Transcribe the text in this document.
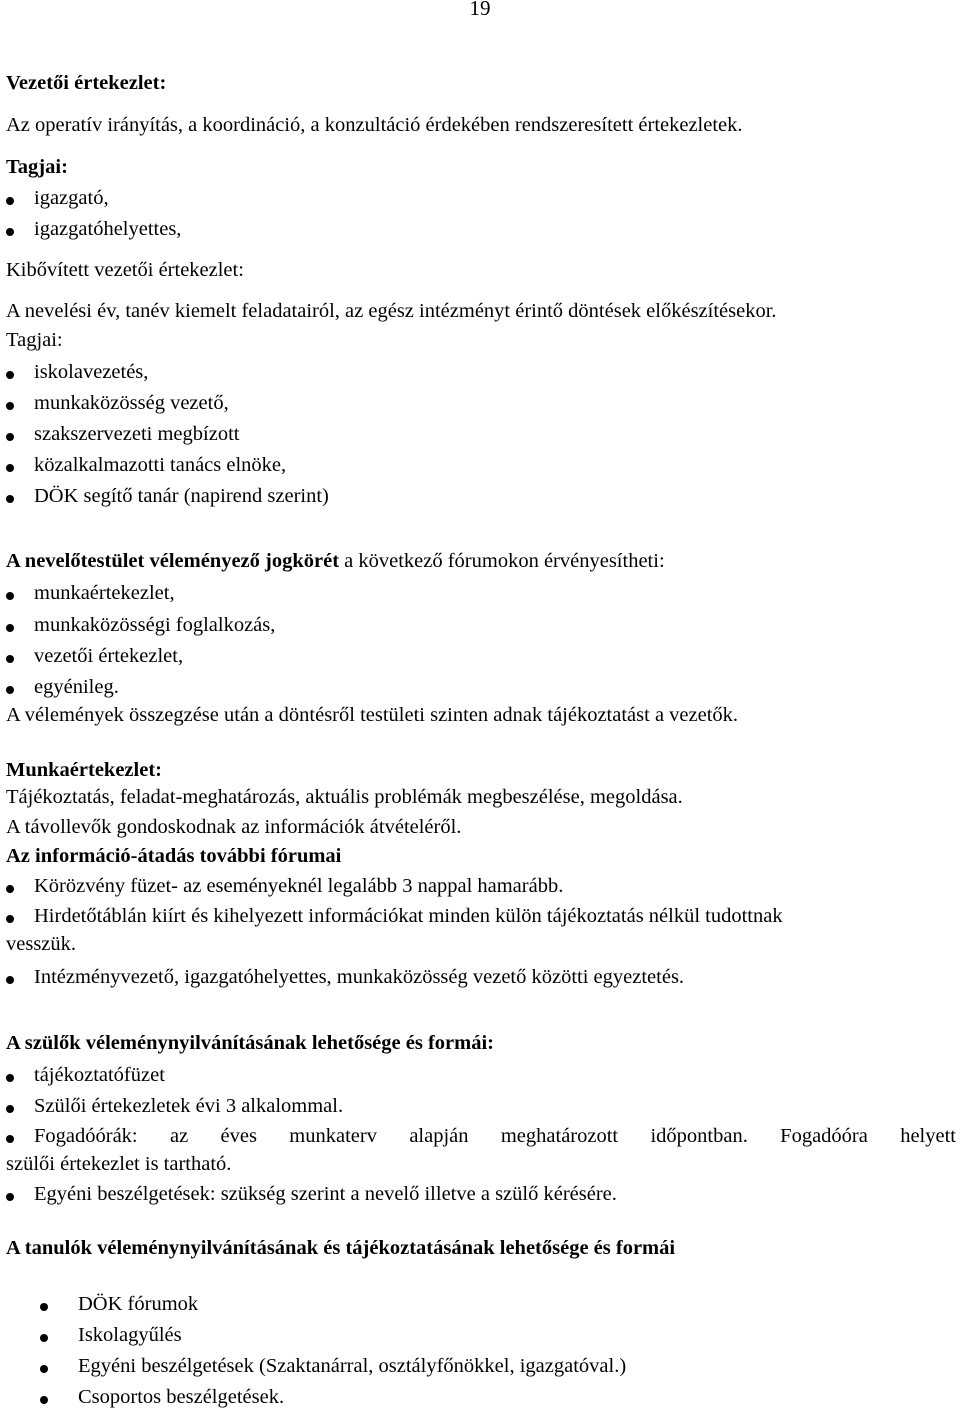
19
Vezetői értekezlet:
Az operatív irányítás, a koordináció, a konzultáció érdekében rendszeresített értekezletek.
Tagjai:
igazgató,
igazgatóhelyettes,
Kibővített vezetői értekezlet:
A nevelési év, tanév kiemelt feladatairól, az egész intézményt érintő döntések előkészítésekor.
Tagjai:
iskolavezetés,
munkaközösség vezető,
szakszervezeti megbízott
közalkalmazotti tanács elnöke,
DÖK segítő tanár (napirend szerint)
A nevelőtestület véleményező jogkörét a következő fórumokon érvényesítheti:
munkaértekezlet,
munkaközösségi foglalkozás,
vezetői értekezlet,
egyénileg.
A vélemények összegzése után a döntésről testületi szinten adnak tájékoztatást a vezetők.
Munkaértekezlet:
Tájékoztatás, feladat-meghatározás, aktuális problémák megbeszélése, megoldása.
A távollevők gondoskodnak az információk átvételéről.
Az információ-átadás további fórumai
Körözvény füzet- az eseményeknél legalább 3 nappal hamarább.
Hirdetőtáblán kiírt és kihelyezett információkat minden külön tájékoztatás nélkül tudottnak
vesszük.
Intézményvezető, igazgatóhelyettes, munkaközösség vezető közötti egyeztetés.
A szülők véleménynyilvánításának lehetősége és formái:
tájékoztatófüzet
Szülői értekezletek évi 3 alkalommal.
Fogadóórák: az éves munkaterv alapján meghatározott időpontban. Fogadóóra helyett
szülői értekezlet is tartható.
Egyéni beszélgetések: szükség szerint a nevelő illetve a szülő kérésére.
A tanulók véleménynyilvánításának és tájékoztatásának lehetősége és formái
DÖK fórumok
Iskolagyűlés
Egyéni beszélgetések (Szaktanárral, osztályfőnökkel, igazgatóval.)
Csoportos beszélgetések.
